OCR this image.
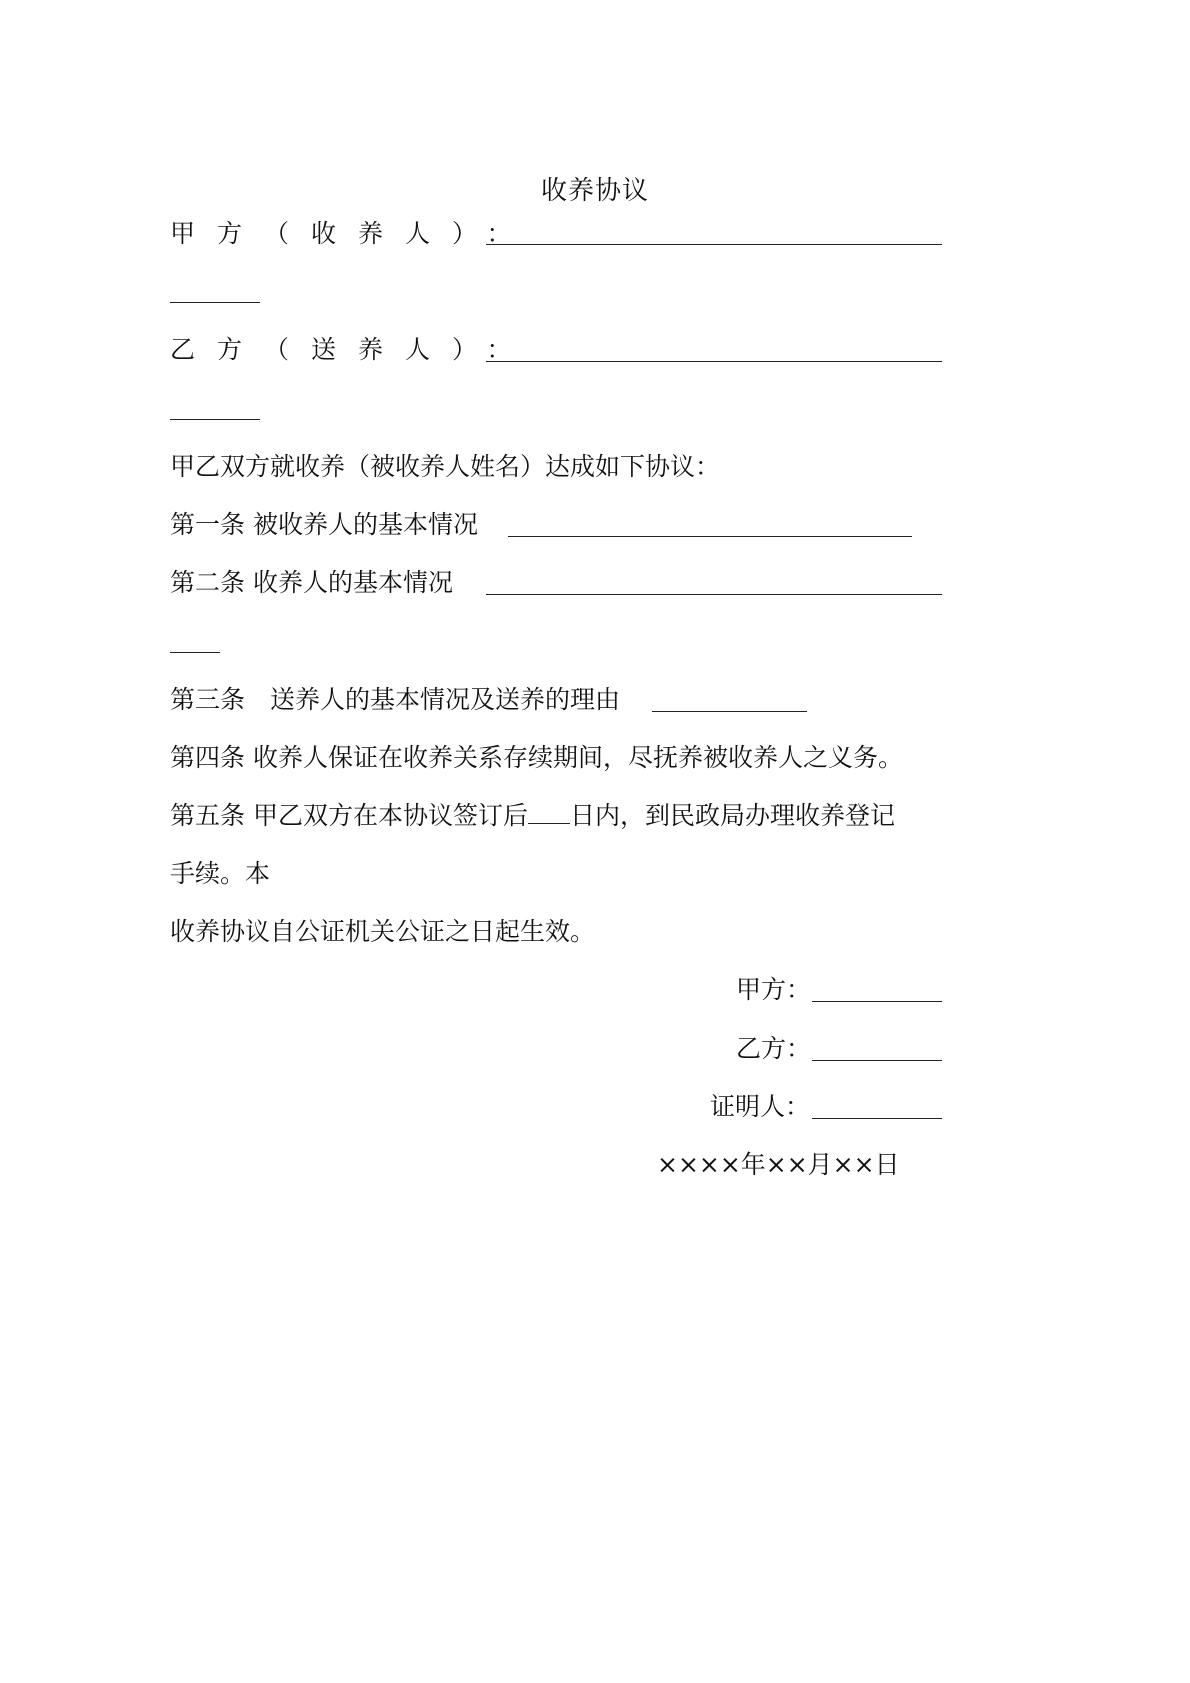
收养协议
甲方（收养人）：
乙方（送养人）：
甲乙双方就收养（被收养人姓名）达成如下协议：
第一条 被收养人的基本情况
第二条 收养人的基本情况
第三条　送养人的基本情况及送养的理由
第四条 收养人保证在收养关系存续期间，尽抚养被收养人之义务。
第五条 甲乙双方在本协议签订后 日内，到民政局办理收养登记
手续。本
收养协议自公证机关公证之日起生效。
甲方：
乙方：
证明人：
××××年××月××日
